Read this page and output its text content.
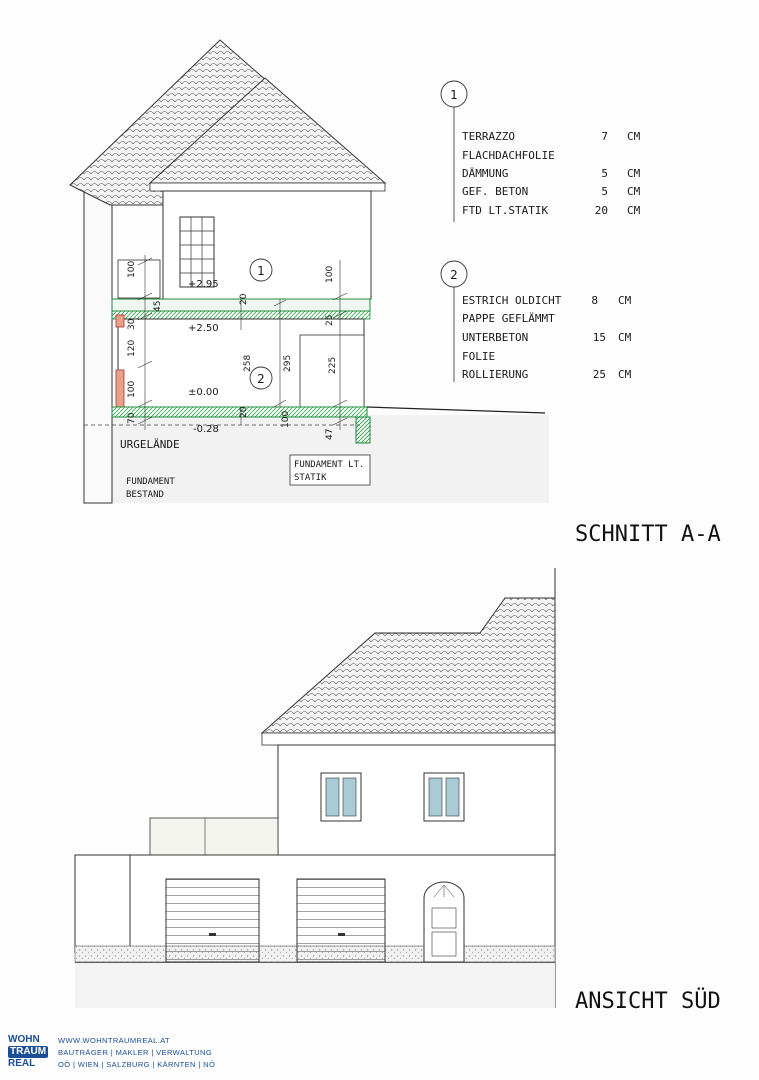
1
2
+2.95
+2.50
±0.00
-0.28
100
45
30
120
100
20
258	295	225
100
25
20
70
47
100
URGELÄNDE
FUNDAMENT
BESTAND
FUNDAMENT LT.
STATIK
1
TERRAZZO	7 CM
FLACHDACHFOLIE
DÄMMUNG	5 CM
GEF. BETON	5 CM
FTD LT.STATIK	20 CM
2
ESTRICH OLDICHT	8 CM
PAPPE GEFLÄMMT
UNTERBETON	15 CM
FOLIE
ROLLIERUNG	25 CM
SCHNITT A-A
ANSICHT SÜD
WOHN
TRAUM
REAL
WWW.WOHNTRAUMREAL.AT
BAUTRÄGER | MAKLER | VERWALTUNG
OÖ | WIEN | SALZBURG | KÄRNTEN | NÖ
